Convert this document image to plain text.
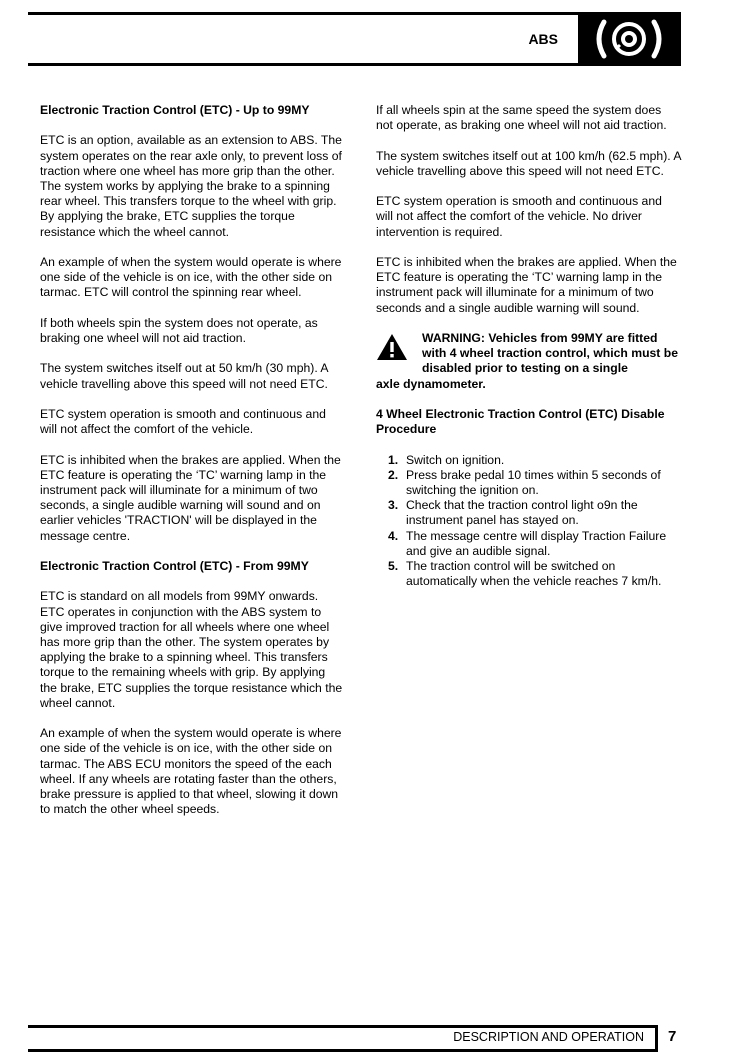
ABS
Electronic Traction Control (ETC) - Up to 99MY

ETC is an option, available as an extension to ABS. The system operates on the rear axle only, to prevent loss of traction where one wheel has more grip than the other. The system works by applying the brake to a spinning rear wheel. This transfers torque to the wheel with grip. By applying the brake, ETC supplies the torque resistance which the wheel cannot.

An example of when the system would operate is where one side of the vehicle is on ice, with the other side on tarmac. ETC will control the spinning rear wheel.

If both wheels spin the system does not operate, as braking one wheel will not aid traction.

The system switches itself out at 50 km/h (30 mph). A vehicle travelling above this speed will not need ETC.

ETC system operation is smooth and continuous and will not affect the comfort of the vehicle.

ETC is inhibited when the brakes are applied. When the ETC feature is operating the ‘TC’ warning lamp in the instrument pack will illuminate for a minimum of two seconds, a single audible warning will sound and on earlier vehicles 'TRACTION' will be displayed in the message centre.

Electronic Traction Control (ETC) - From 99MY

ETC is standard on all models from 99MY onwards. ETC operates in conjunction with the ABS system to give improved traction for all wheels where one wheel has more grip than the other. The system operates by applying the brake to a spinning wheel. This transfers torque to the remaining wheels with grip. By applying the brake, ETC supplies the torque resistance which the wheel cannot.

An example of when the system would operate is where one side of the vehicle is on ice, with the other side on tarmac. The ABS ECU monitors the speed of the each wheel. If any wheels are rotating faster than the others, brake pressure is applied to that wheel, slowing it down to match the other wheel speeds.

If all wheels spin at the same speed the system does not operate, as braking one wheel will not aid traction.

The system switches itself out at 100 km/h (62.5 mph). A vehicle travelling above this speed will not need ETC.

ETC system operation is smooth and continuous and will not affect the comfort of the vehicle. No driver intervention is required.

ETC is inhibited when the brakes are applied. When the ETC feature is operating the ‘TC’ warning lamp in the instrument pack will illuminate for a minimum of two seconds and a single audible warning will sound.

WARNING: Vehicles from 99MY are fitted with 4 wheel traction control, which must be disabled prior to testing on a single
axle dynamometer.
4 Wheel Electronic Traction Control (ETC) Disable Procedure
1. Switch on ignition.
2. Press brake pedal 10 times within 5 seconds of switching the ignition on.
3. Check that the traction control light o9n the instrument panel has stayed on.
4. The message centre will display Traction Failure and give an audible signal.
5. The traction control will be switched on automatically when the vehicle reaches 7 km/h.
DESCRIPTION AND OPERATION 7
